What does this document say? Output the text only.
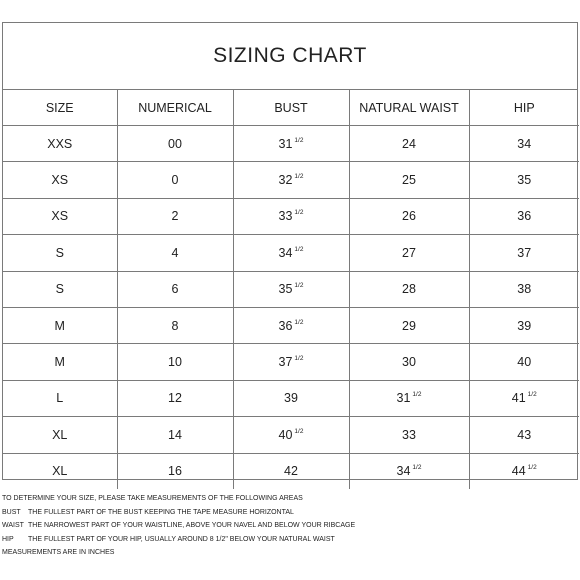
SIZING CHART
SIZE	NUMERICAL	BUST	NATURAL WAIST	HIP
XXS	00	31 $^{1/2}$	24	34
XS	0	32 $^{1/2}$	25	35
XS	2	33 $^{1/2}$	26	36
S	4	34 $^{1/2}$	27	37
S	6	35 $^{1/2}$	28	38
M	8	36 $^{1/2}$	29	39
M	10	37 $^{1/2}$	30	40
L	12	39	31 $^{1/2}$	41 $^{1/2}$
XL	14	40 $^{1/2}$	33	43
XL	16	42	34 $^{1/2}$	44 $^{1/2}$
TO DETERMINE YOUR SIZE, PLEASE TAKE MEASUREMENTS OF THE FOLLOWING AREAS
BUST THE FULLEST PART OF THE BUST KEEPING THE TAPE MEASURE HORIZONTAL
WAIST THE NARROWEST PART OF YOUR WAISTLINE, ABOVE YOUR NAVEL AND BELOW YOUR RIBCAGE
HIP THE FULLEST PART OF YOUR HIP, USUALLY AROUND 8 1/2" BELOW YOUR NATURAL WAIST
MEASUREMENTS ARE IN INCHES
